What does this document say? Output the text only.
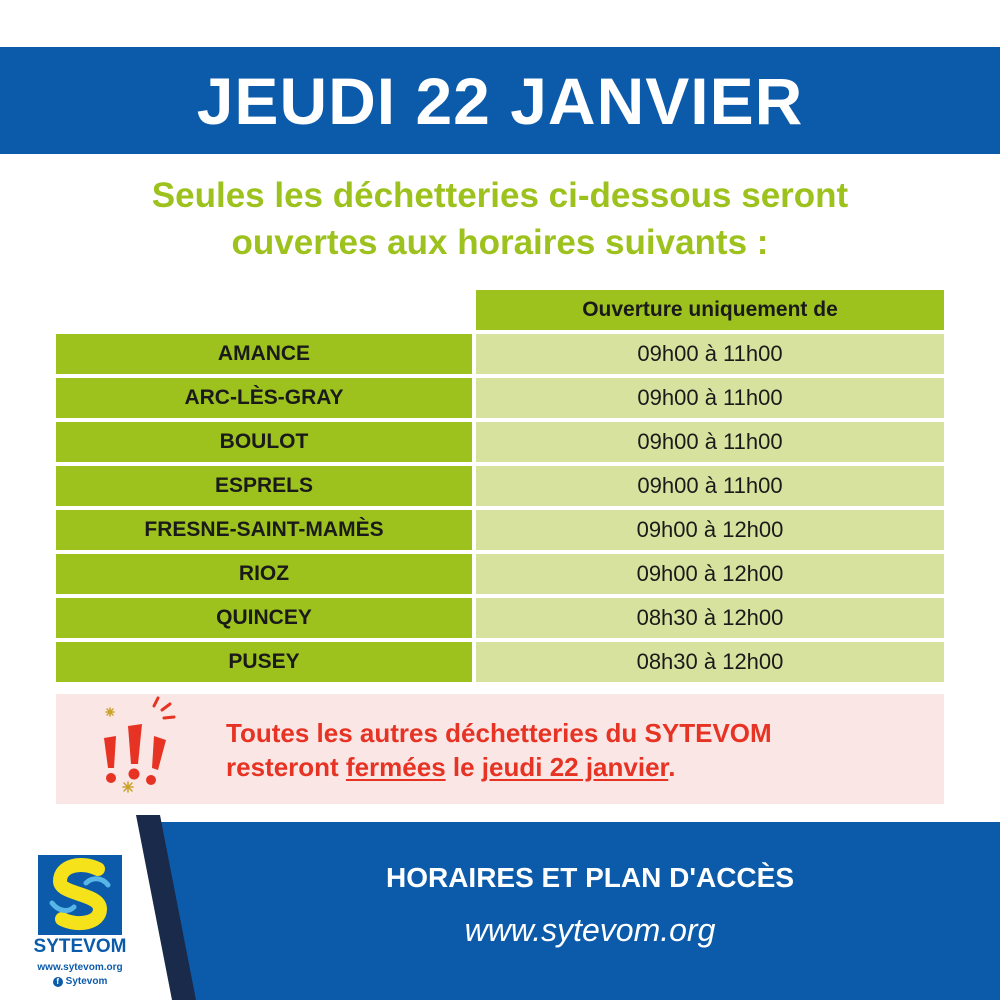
JEUDI 22 JANVIER
Seules les déchetteries ci-dessous seront
ouvertes aux horaires suivants :
Ouverture uniquement de
AMANCE	09h00 à 11h00
ARC-LÈS-GRAY	09h00 à 11h00
BOULOT	09h00 à 11h00
ESPRELS	09h00 à 11h00
FRESNE-SAINT-MAMÈS	09h00 à 12h00
RIOZ	09h00 à 12h00
QUINCEY	08h30 à 12h00
PUSEY	08h30 à 12h00
Toutes les autres déchetteries du SYTEVOM
resteront fermées le jeudi 22 janvier.
SYTEVOM
www.sytevom.org
f Sytevom
HORAIRES ET PLAN D'ACCÈS
www.sytevom.org
